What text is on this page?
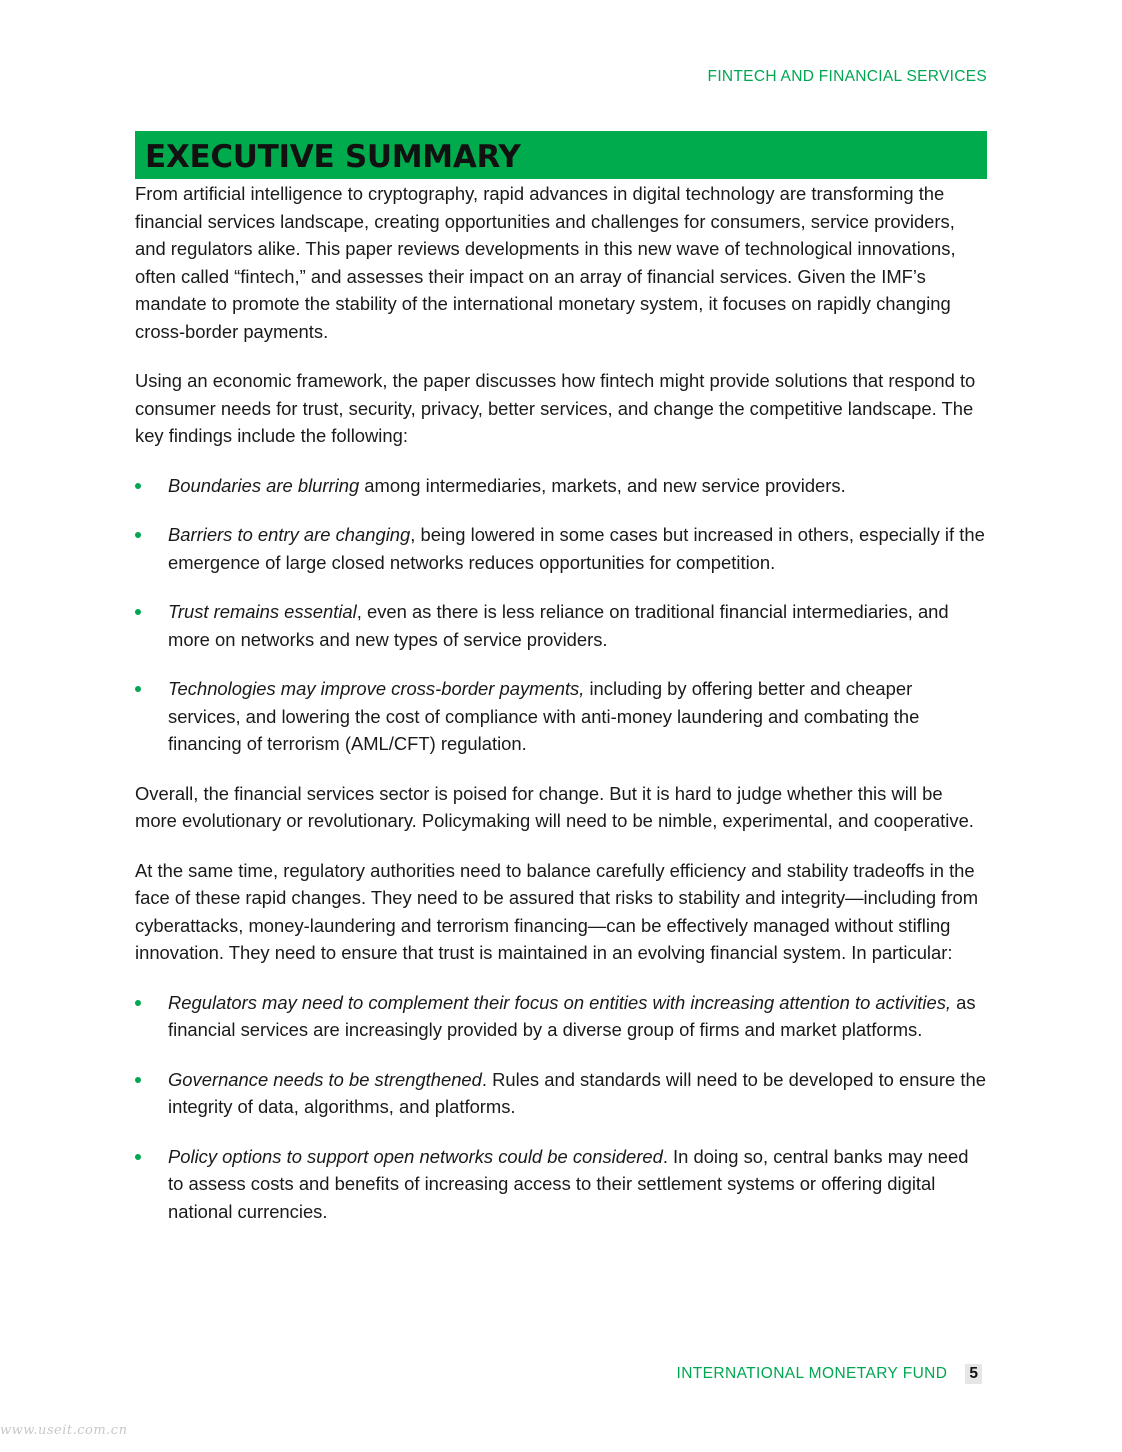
FINTECH AND FINANCIAL SERVICES
EXECUTIVE SUMMARY

From artificial intelligence to cryptography, rapid advances in digital technology are transforming the financial services landscape, creating opportunities and challenges for consumers, service providers, and regulators alike. This paper reviews developments in this new wave of technological innovations, often called “fintech,” and assesses their impact on an array of financial services. Given the IMF’s mandate to promote the stability of the international monetary system, it focuses on rapidly changing cross-border payments.

Using an economic framework, the paper discusses how fintech might provide solutions that respond to consumer needs for trust, security, privacy, better services, and change the competitive landscape. The key findings include the following:

Boundaries are blurring among intermediaries, markets, and new service providers.
Barriers to entry are changing, being lowered in some cases but increased in others, especially if the emergence of large closed networks reduces opportunities for competition.
Trust remains essential, even as there is less reliance on traditional financial intermediaries, and more on networks and new types of service providers.
Technologies may improve cross-border payments, including by offering better and cheaper services, and lowering the cost of compliance with anti-money laundering and combating the financing of terrorism (AML/CFT) regulation.

Overall, the financial services sector is poised for change. But it is hard to judge whether this will be more evolutionary or revolutionary. Policymaking will need to be nimble, experimental, and cooperative.

At the same time, regulatory authorities need to balance carefully efficiency and stability tradeoffs in the face of these rapid changes. They need to be assured that risks to stability and integrity—including from cyberattacks, money-laundering and terrorism financing—can be effectively managed without stifling innovation. They need to ensure that trust is maintained in an evolving financial system. In particular:

Regulators may need to complement their focus on entities with increasing attention to activities, as financial services are increasingly provided by a diverse group of firms and market platforms.
Governance needs to be strengthened. Rules and standards will need to be developed to ensure the integrity of data, algorithms, and platforms.
Policy options to support open networks could be considered. In doing so, central banks may need to assess costs and benefits of increasing access to their settlement systems or offering digital national currencies.
INTERNATIONAL MONETARY FUND 5
www.useit.com.cn
